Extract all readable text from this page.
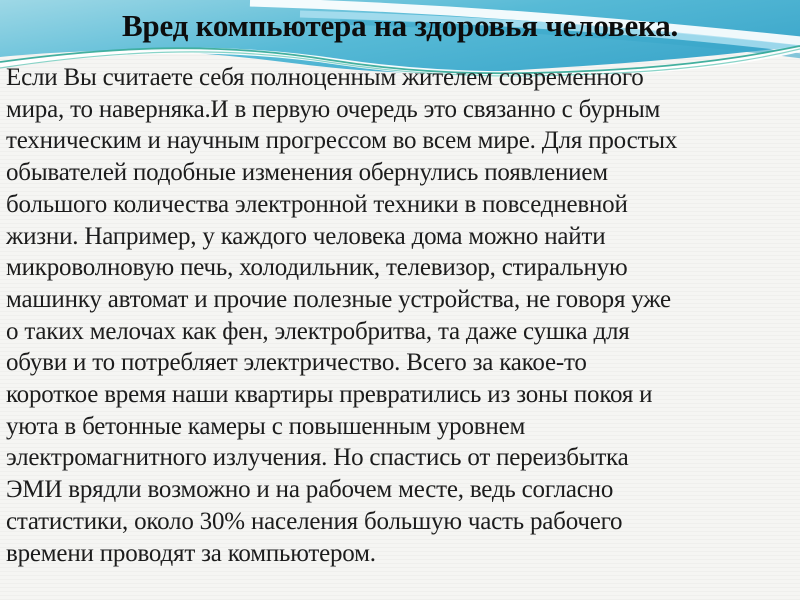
Вред компьютера на здоровья человека.
Если Вы считаете себя полноценным жителем современного
мира, то наверняка.И в первую очередь это связанно с бурным
техническим и научным прогрессом во всем мире. Для простых
обывателей подобные изменения обернулись появлением
большого количества электронной техники в повседневной
жизни. Например, у каждого человека дома можно найти
микроволновую печь, холодильник, телевизор, стиральную
машинку автомат и прочие полезные устройства, не говоря уже
о таких мелочах как фен, электробритва, та даже сушка для
обуви и то потребляет электричество. Всего за какое-то
короткое время наши квартиры превратились из зоны покоя и
уюта в бетонные камеры с повышенным уровнем
электромагнитного излучения. Но спастись от переизбытка
ЭМИ врядли возможно и на рабочем месте, ведь согласно
статистики, около 30% населения большую часть рабочего
времени проводят за компьютером.
